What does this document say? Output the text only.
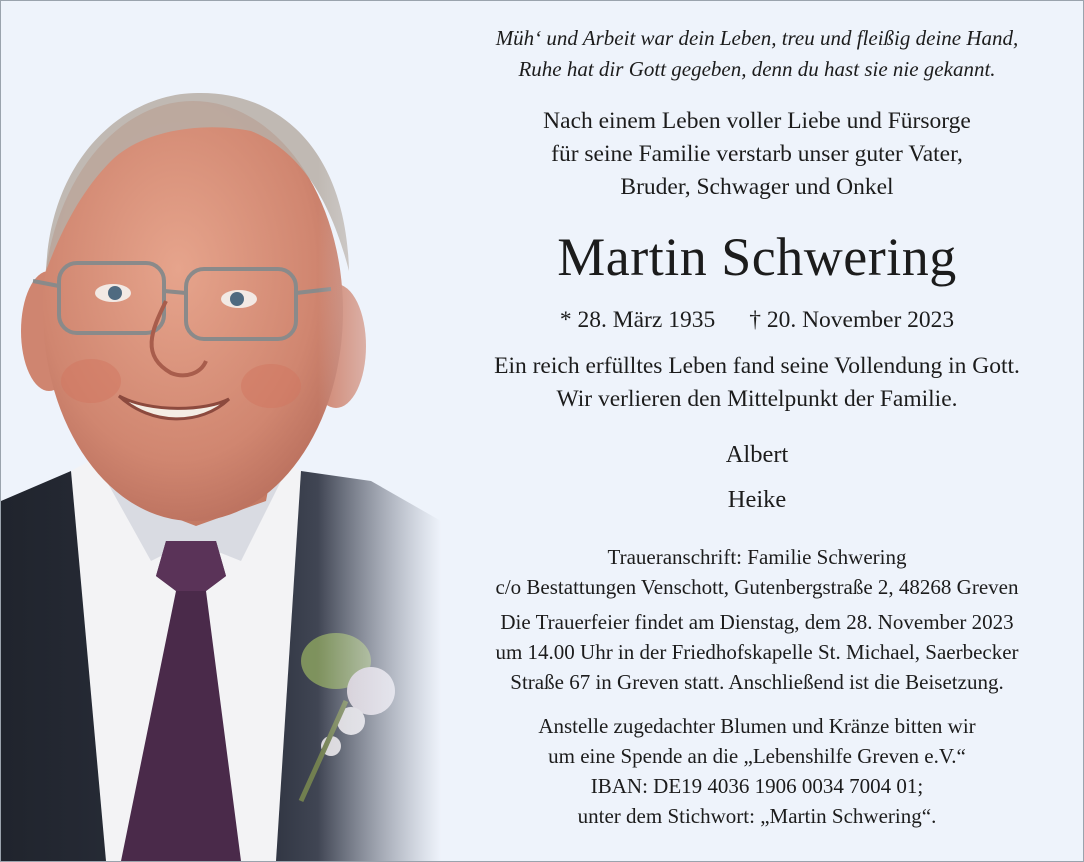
Müh‘ und Arbeit war dein Leben, treu und fleißig deine Hand,
Ruhe hat dir Gott gegeben, denn du hast sie nie gekannt.
Nach einem Leben voller Liebe und Fürsorge
für seine Familie verstarb unser guter Vater,
Bruder, Schwager und Onkel
Martin Schwering
* 28. März 1935 † 20. November 2023
Ein reich erfülltes Leben fand seine Vollendung in Gott.
Wir verlieren den Mittelpunkt der Familie.
Albert
Heike
Traueranschrift: Familie Schwering
c/o Bestattungen Venschott, Gutenbergstraße 2, 48268 Greven
Die Trauerfeier findet am Dienstag, dem 28. November 2023
um 14.00 Uhr in der Friedhofskapelle St. Michael, Saerbecker
Straße 67 in Greven statt. Anschließend ist die Beisetzung.
Anstelle zugedachter Blumen und Kränze bitten wir
um eine Spende an die „Lebenshilfe Greven e.V.“
IBAN: DE19 4036 1906 0034 7004 01;
unter dem Stichwort: „Martin Schwering“.
